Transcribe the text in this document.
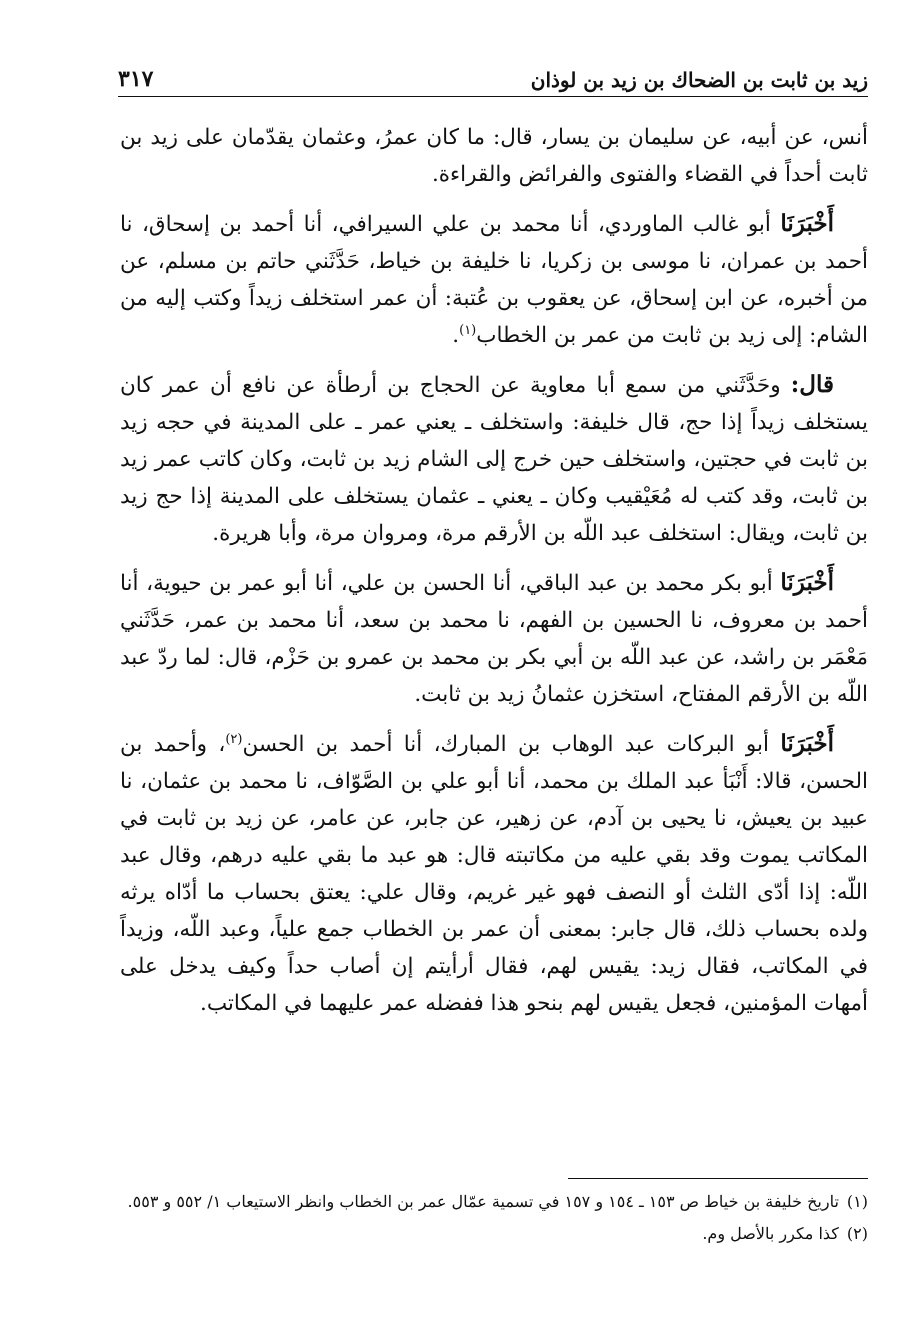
زيد بن ثابت بن الضحاك بن زيد بن لوذان
٣١٧

أنس، عن أبيه، عن سليمان بن يسار، قال: ما كان عمرُ، وعثمان يقدّمان على زيد بن ثابت أحداً في القضاء والفتوى والفرائض والقراءة.

أَخْبَرَنَا أبو غالب الماوردي، أنا محمد بن علي السيرافي، أنا أحمد بن إسحاق، نا أحمد بن عمران، نا موسى بن زكريا، نا خليفة بن خياط، حَدَّثَني حاتم بن مسلم، عن من أخبره، عن ابن إسحاق، عن يعقوب بن عُتبة: أن عمر استخلف زيداً وكتب إليه من الشام: إلى زيد بن ثابت من عمر بن الخطاب$^{(١)}$.

قال: وحَدَّثَني من سمع أبا معاوية عن الحجاج بن أرطأة عن نافع أن عمر كان يستخلف زيداً إذا حج، قال خليفة: واستخلف ـ يعني عمر ـ على المدينة في حجه زيد بن ثابت في حجتين، واستخلف حين خرج إلى الشام زيد بن ثابت، وكان كاتب عمر زيد بن ثابت، وقد كتب له مُعَيْقيب وكان ـ يعني ـ عثمان يستخلف على المدينة إذا حج زيد بن ثابت، ويقال: استخلف عبد اللّه بن الأرقم مرة، ومروان مرة، وأبا هريرة.

أَخْبَرَنَا أبو بكر محمد بن عبد الباقي، أنا الحسن بن علي، أنا أبو عمر بن حيوية، أنا أحمد بن معروف، نا الحسين بن الفهم، نا محمد بن سعد، أنا محمد بن عمر، حَدَّثَني مَعْمَر بن راشد، عن عبد اللّه بن أبي بكر بن محمد بن عمرو بن حَزْم، قال: لما ردّ عبد اللّه بن الأرقم المفتاح، استخزن عثمانُ زيد بن ثابت.

أَخْبَرَنَا أبو البركات عبد الوهاب بن المبارك، أنا أحمد بن الحسن$^{(٢)}$، وأحمد بن الحسن، قالا: أَنْبَأ عبد الملك بن محمد، أنا أبو علي بن الصَّوّاف، نا محمد بن عثمان، نا عبيد بن يعيش، نا يحيى بن آدم، عن زهير، عن جابر، عن عامر، عن زيد بن ثابت في المكاتب يموت وقد بقي عليه من مكاتبته قال: هو عبد ما بقي عليه درهم، وقال عبد اللّه: إذا أدّى الثلث أو النصف فهو غير غريم، وقال علي: يعتق بحساب ما أدّاه يرثه ولده بحساب ذلك، قال جابر: بمعنى أن عمر بن الخطاب جمع علياً، وعبد اللّه، وزيداً في المكاتب، فقال زيد: يقيس لهم، فقال أرأيتم إن أصاب حداً وكيف يدخل على أمهات المؤمنين، فجعل يقيس لهم بنحو هذا ففضله عمر عليهما في المكاتب.

(١)
تاريخ خليفة بن خياط ص ١٥٣ ـ ١٥٤ و ١٥٧ في تسمية عمّال عمر بن الخطاب وانظر الاستيعاب ١/ ٥٥٢ و ٥٥٣.
(٢)
كذا مكرر بالأصل وم.
